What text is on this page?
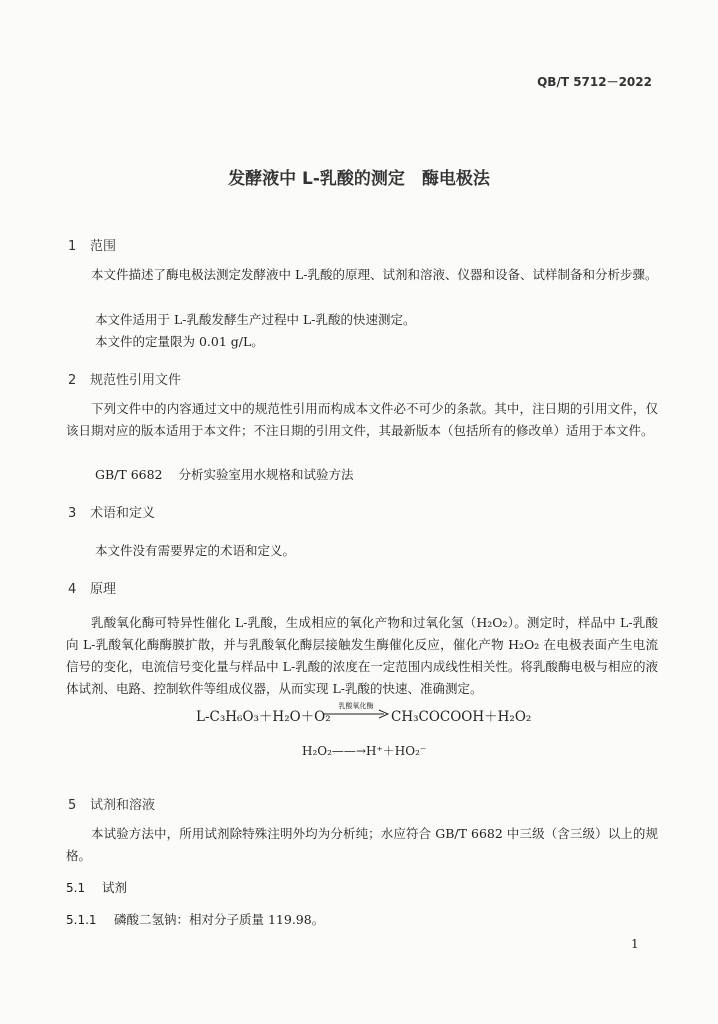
QB/T 5712－2022
发酵液中 L-乳酸的测定　酶电极法
1 范围
本文件描述了酶电极法测定发酵液中 L-乳酸的原理、试剂和溶液、仪器和设备、试样制备和分析步骤。
本文件适用于 L-乳酸发酵生产过程中 L-乳酸的快速测定。
本文件的定量限为 0.01 g/L。
2 规范性引用文件
下列文件中的内容通过文中的规范性引用而构成本文件必不可少的条款。其中，注日期的引用文件，仅该日期对应的版本适用于本文件；不注日期的引用文件，其最新版本（包括所有的修改单）适用于本文件。
GB/T 6682 分析实验室用水规格和试验方法
3 术语和定义
本文件没有需要界定的术语和定义。
4 原理
乳酸氧化酶可特异性催化 L-乳酸，生成相应的氧化产物和过氧化氢（H₂O₂）。测定时，样品中 L-乳酸向 L-乳酸氧化酶酶膜扩散，并与乳酸氧化酶层接触发生酶催化反应，催化产物 H₂O₂ 在电极表面产生电流信号的变化，电流信号变化量与样品中 L-乳酸的浓度在一定范围内成线性相关性。将乳酸酶电极与相应的液体试剂、电路、控制软件等组成仪器，从而实现 L-乳酸的快速、准确测定。
L-C₃H₆O₃＋H₂O＋O₂
乳酸氧化酶
CH₃COCOOH＋H₂O₂
H₂O₂——→H⁺＋HO₂⁻
5 试剂和溶液
本试验方法中，所用试剂除特殊注明外均为分析纯；水应符合 GB/T 6682 中三级（含三级）以上的规格。
5.1 试剂
5.1.1 磷酸二氢钠：相对分子质量 119.98。
1
